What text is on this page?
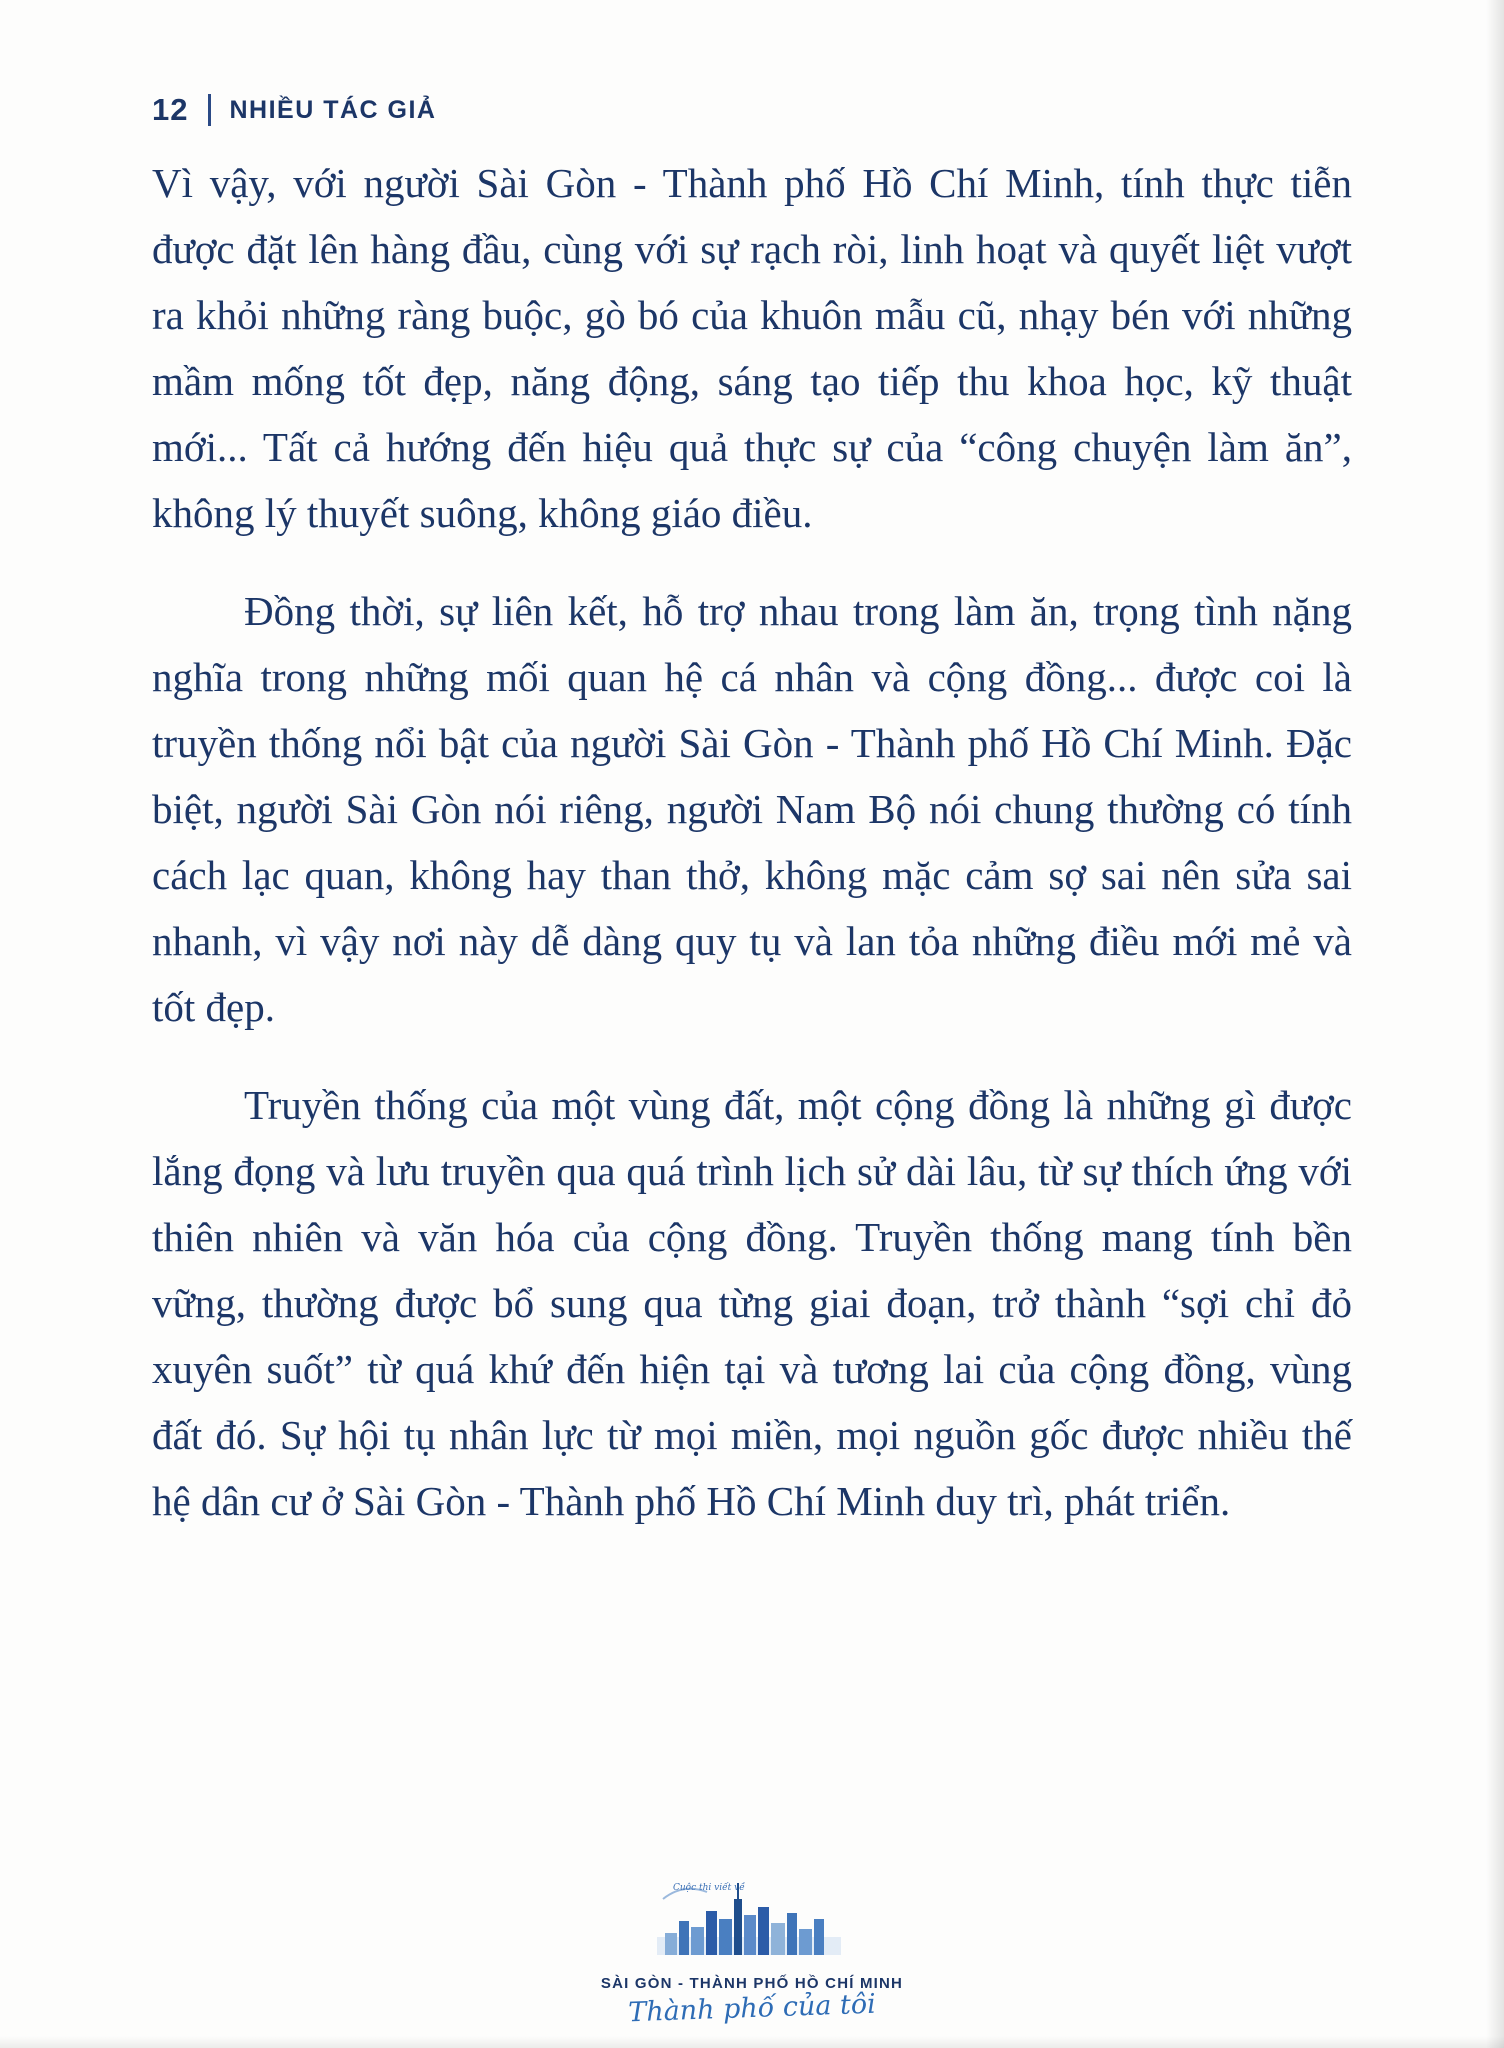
12 NHIỀU TÁC GIẢ

Vì vậy, với người Sài Gòn - Thành phố Hồ Chí Minh, tính thực tiễn được đặt lên hàng đầu, cùng với sự rạch ròi, linh hoạt và quyết liệt vượt ra khỏi những ràng buộc, gò bó của khuôn mẫu cũ, nhạy bén với những mầm mống tốt đẹp, năng động, sáng tạo tiếp thu khoa học, kỹ thuật mới... Tất cả hướng đến hiệu quả thực sự của “công chuyện làm ăn”, không lý thuyết suông, không giáo điều.

Đồng thời, sự liên kết, hỗ trợ nhau trong làm ăn, trọng tình nặng nghĩa trong những mối quan hệ cá nhân và cộng đồng... được coi là truyền thống nổi bật của người Sài Gòn - Thành phố Hồ Chí Minh. Đặc biệt, người Sài Gòn nói riêng, người Nam Bộ nói chung thường có tính cách lạc quan, không hay than thở, không mặc cảm sợ sai nên sửa sai nhanh, vì vậy nơi này dễ dàng quy tụ và lan tỏa những điều mới mẻ và tốt đẹp.

Truyền thống của một vùng đất, một cộng đồng là những gì được lắng đọng và lưu truyền qua quá trình lịch sử dài lâu, từ sự thích ứng với thiên nhiên và văn hóa của cộng đồng. Truyền thống mang tính bền vững, thường được bổ sung qua từng giai đoạn, trở thành “sợi chỉ đỏ xuyên suốt” từ quá khứ đến hiện tại và tương lai của cộng đồng, vùng đất đó. Sự hội tụ nhân lực từ mọi miền, mọi nguồn gốc được nhiều thế hệ dân cư ở Sài Gòn - Thành phố Hồ Chí Minh duy trì, phát triển.

Cuộc thi viết về
SÀI GÒN - THÀNH PHỐ HỒ CHÍ MINH
Thành phố của tôi
